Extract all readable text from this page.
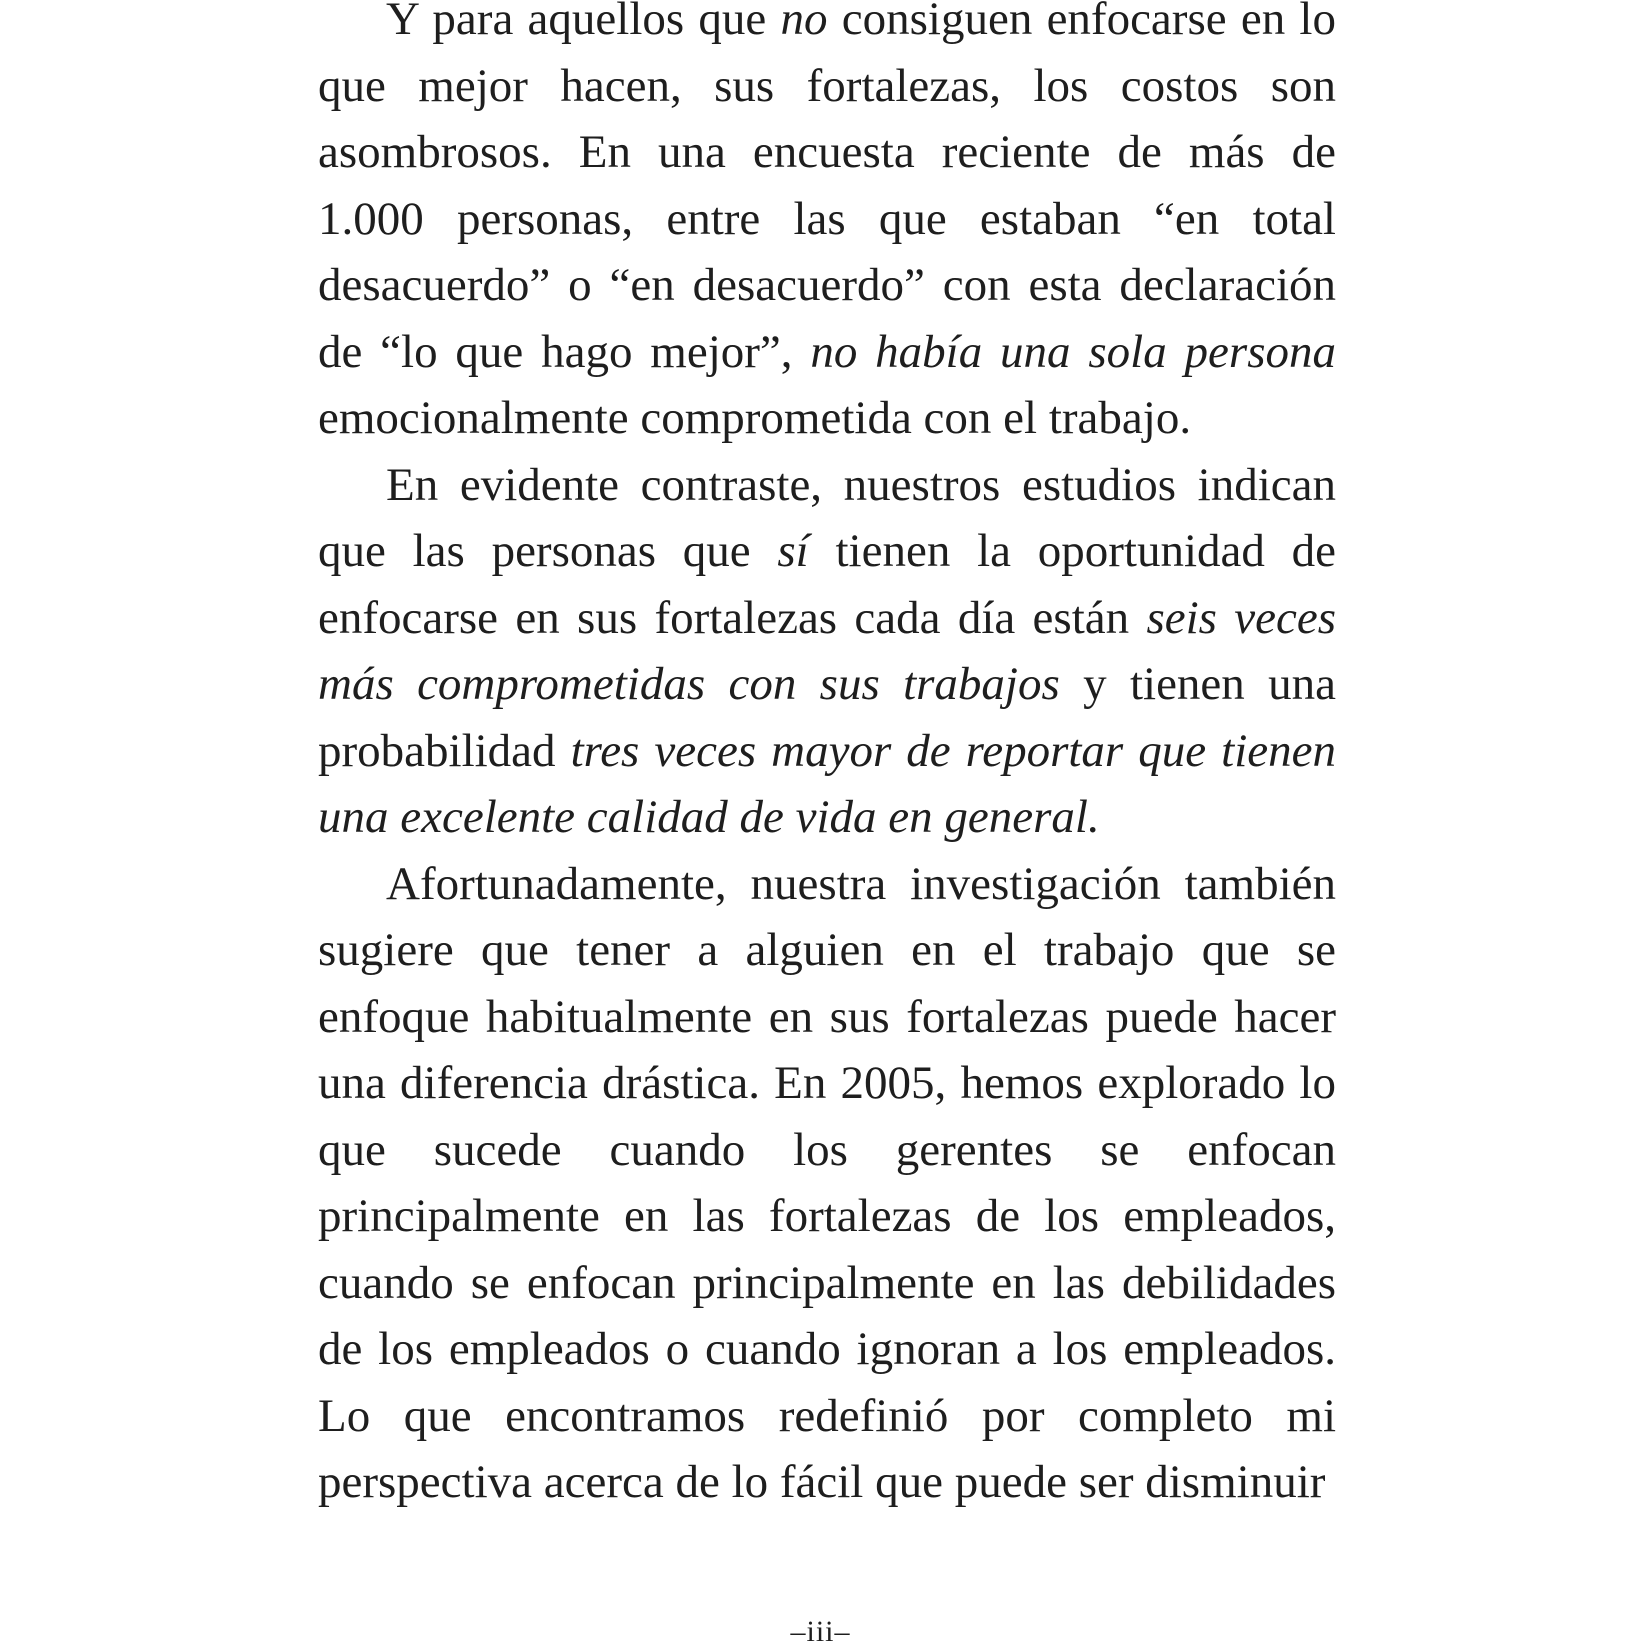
Y para aquellos que no consiguen enfocarse en lo que mejor hacen, sus fortalezas, los costos son asombrosos. En una encuesta reciente de más de 1.000 personas, entre las que estaban “en total desacuerdo” o “en desacuerdo” con esta declaración de “lo que hago mejor”, no había una sola persona emocionalmente comprometida con el trabajo.

En evidente contraste, nuestros estudios indican que las personas que sí tienen la oportunidad de enfocarse en sus fortalezas cada día están seis veces más comprometidas con sus trabajos y tienen una probabilidad tres veces mayor de reportar que tienen una excelente calidad de vida en general.

Afortunadamente, nuestra investigación también sugiere que tener a alguien en el trabajo que se enfoque habitualmente en sus fortalezas puede hacer una diferencia drástica. En 2005, hemos explorado lo que sucede cuando los gerentes se enfocan principalmente en las fortalezas de los empleados, cuando se enfocan principalmente en las debilidades de los empleados o cuando ignoran a los empleados. Lo que encontramos redefinió por completo mi perspectiva acerca de lo fácil que puede ser disminuir

–iii–
